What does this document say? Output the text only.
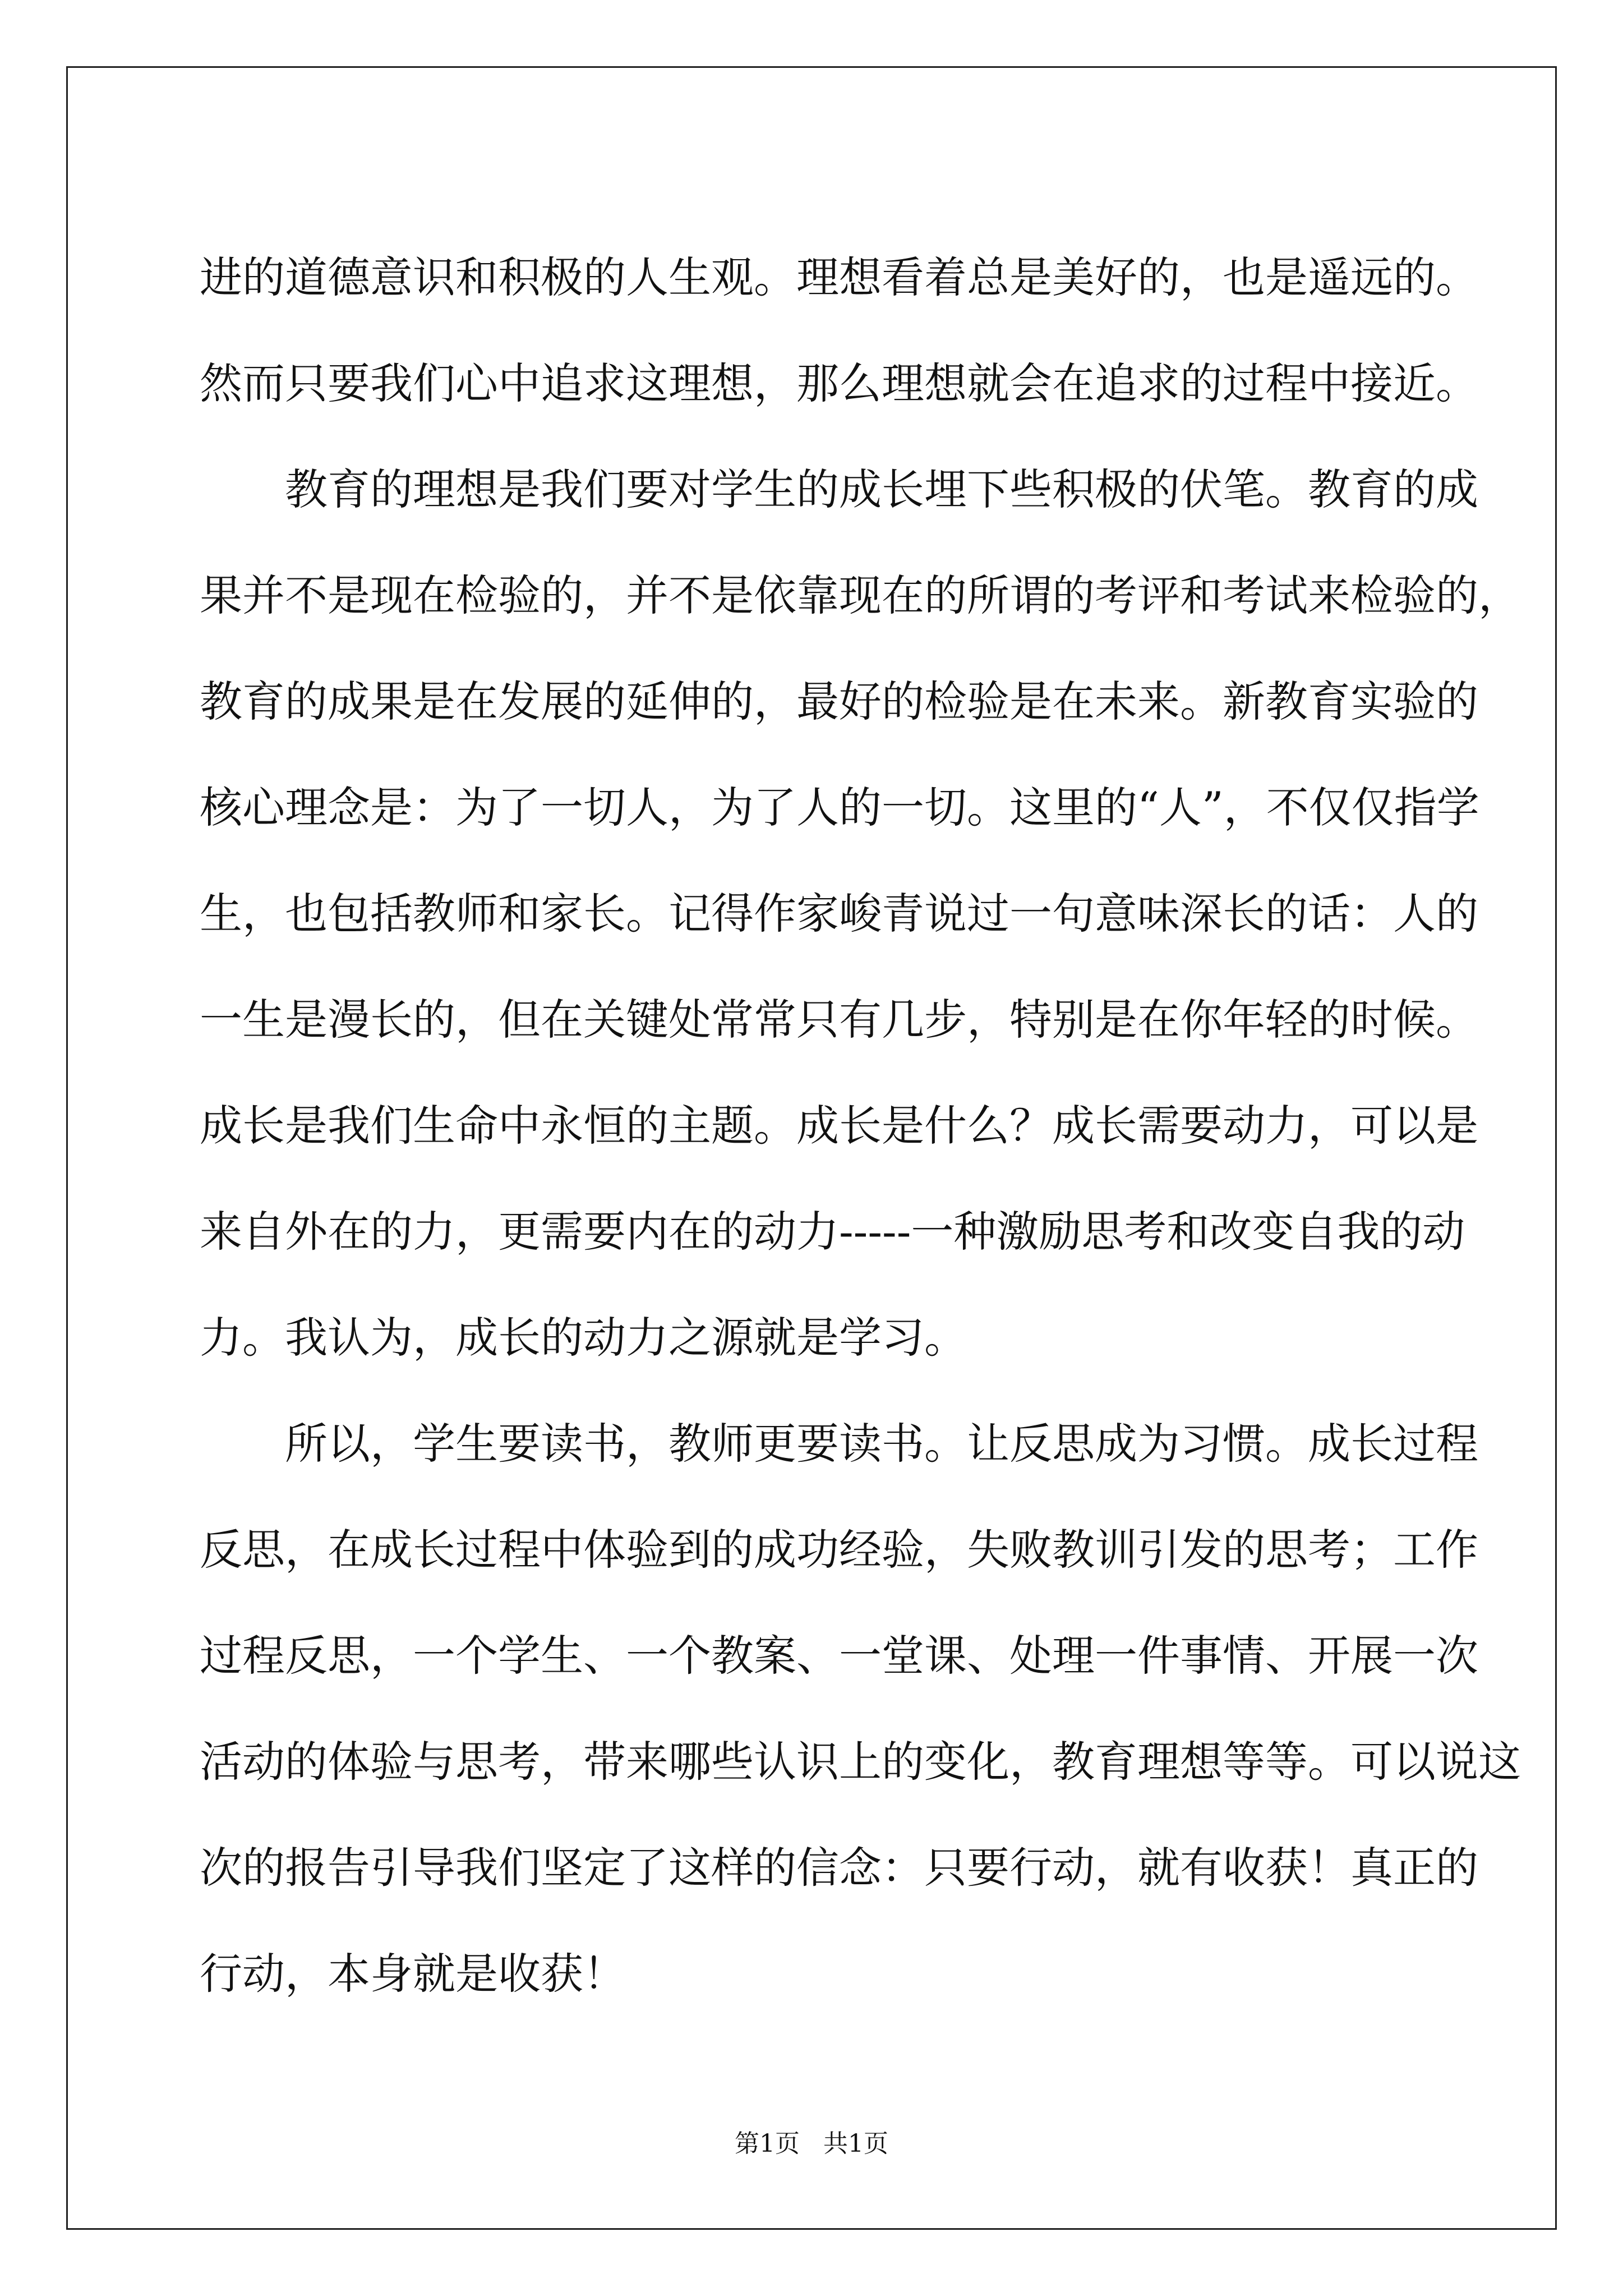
进的道德意识和积极的人生观。理想看着总是美好的，也是遥远的。
然而只要我们心中追求这理想，那么理想就会在追求的过程中接近。
教育的理想是我们要对学生的成长埋下些积极的伏笔。教育的成
果并不是现在检验的，并不是依靠现在的所谓的考评和考试来检验的，
教育的成果是在发展的延伸的，最好的检验是在未来。新教育实验的
核心理念是：为了一切人，为了人的一切。这里的“人”，不仅仅指学
生，也包括教师和家长。记得作家峻青说过一句意味深长的话：人的
一生是漫长的，但在关键处常常只有几步，特别是在你年轻的时候。
成长是我们生命中永恒的主题。成长是什么？成长需要动力，可以是
来自外在的力，更需要内在的动力-----一种激励思考和改变自我的动
力。我认为，成长的动力之源就是学习。
所以，学生要读书，教师更要读书。让反思成为习惯。成长过程
反思，在成长过程中体验到的成功经验，失败教训引发的思考；工作
过程反思，一个学生、一个教案、一堂课、处理一件事情、开展一次
活动的体验与思考，带来哪些认识上的变化，教育理想等等。可以说这
次的报告引导我们坚定了这样的信念：只要行动，就有收获！真正的
行动，本身就是收获！
第1页 共1页
